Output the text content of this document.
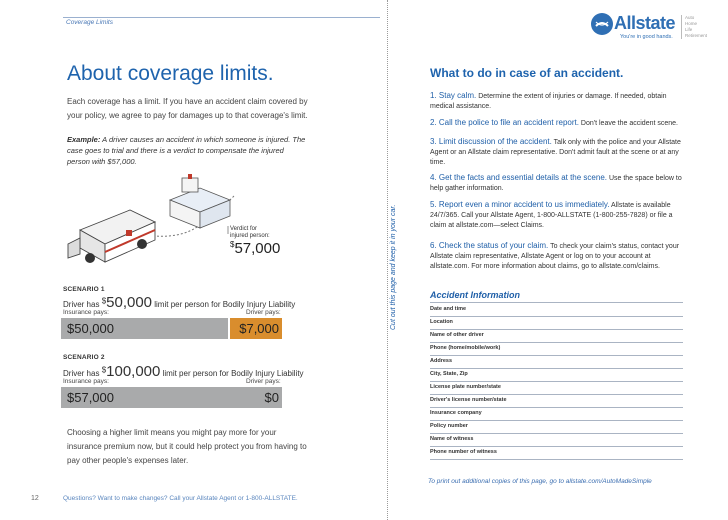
Coverage Limits
About coverage limits.
Each coverage has a limit. If you have an accident claim covered by your policy, we agree to pay for damages up to that coverage's limit.
Example: A driver causes an accident in which someone is injured. The case goes to trial and there is a verdict to compensate the injured person with $57,000.
Verdict for
injured person:
$57,000
SCENARIO 1
Driver has $50,000 limit per person for Bodily Injury Liability
Insurance pays:	Driver pays:
$50,000	$7,000
SCENARIO 2
Driver has $100,000 limit per person for Bodily Injury Liability
Insurance pays:	Driver pays:
$57,000	$0
Choosing a higher limit means you might pay more for your insurance premium now, but it could help protect you from having to pay other people's expenses later.
12	Questions? Want to make changes? Call your Allstate Agent or 1-800-ALLSTATE.
Cut out this page and keep it in your car.
Allstate
You're in good hands.
Auto
Home
Life
Retirement
What to do in case of an accident.
1. Stay calm. Determine the extent of injuries or damage. If needed, obtain medical assistance.
2. Call the police to file an accident report. Don't leave the accident scene.
3. Limit discussion of the accident. Talk only with the police and your Allstate Agent or an Allstate claim representative. Don't admit fault at the scene or at any time.
4. Get the facts and essential details at the scene. Use the space below to help gather information.
5. Report even a minor accident to us immediately. Allstate is available 24/7/365. Call your Allstate Agent, 1-800-ALLSTATE (1-800-255-7828) or file a claim at allstate.com—select Claims.
6. Check the status of your claim. To check your claim's status, contact your Allstate claim representative, Allstate Agent or log on to your account at allstate.com. For more information about claims, go to allstate.com/claims.
Accident Information
Date and time
Location
Name of other driver
Phone (home/mobile/work)
Address
City, State, Zip
License plate number/state
Driver's license number/state
Insurance company
Policy number
Name of witness
Phone number of witness
To print out additional copies of this page, go to allstate.com/AutoMadeSimple
